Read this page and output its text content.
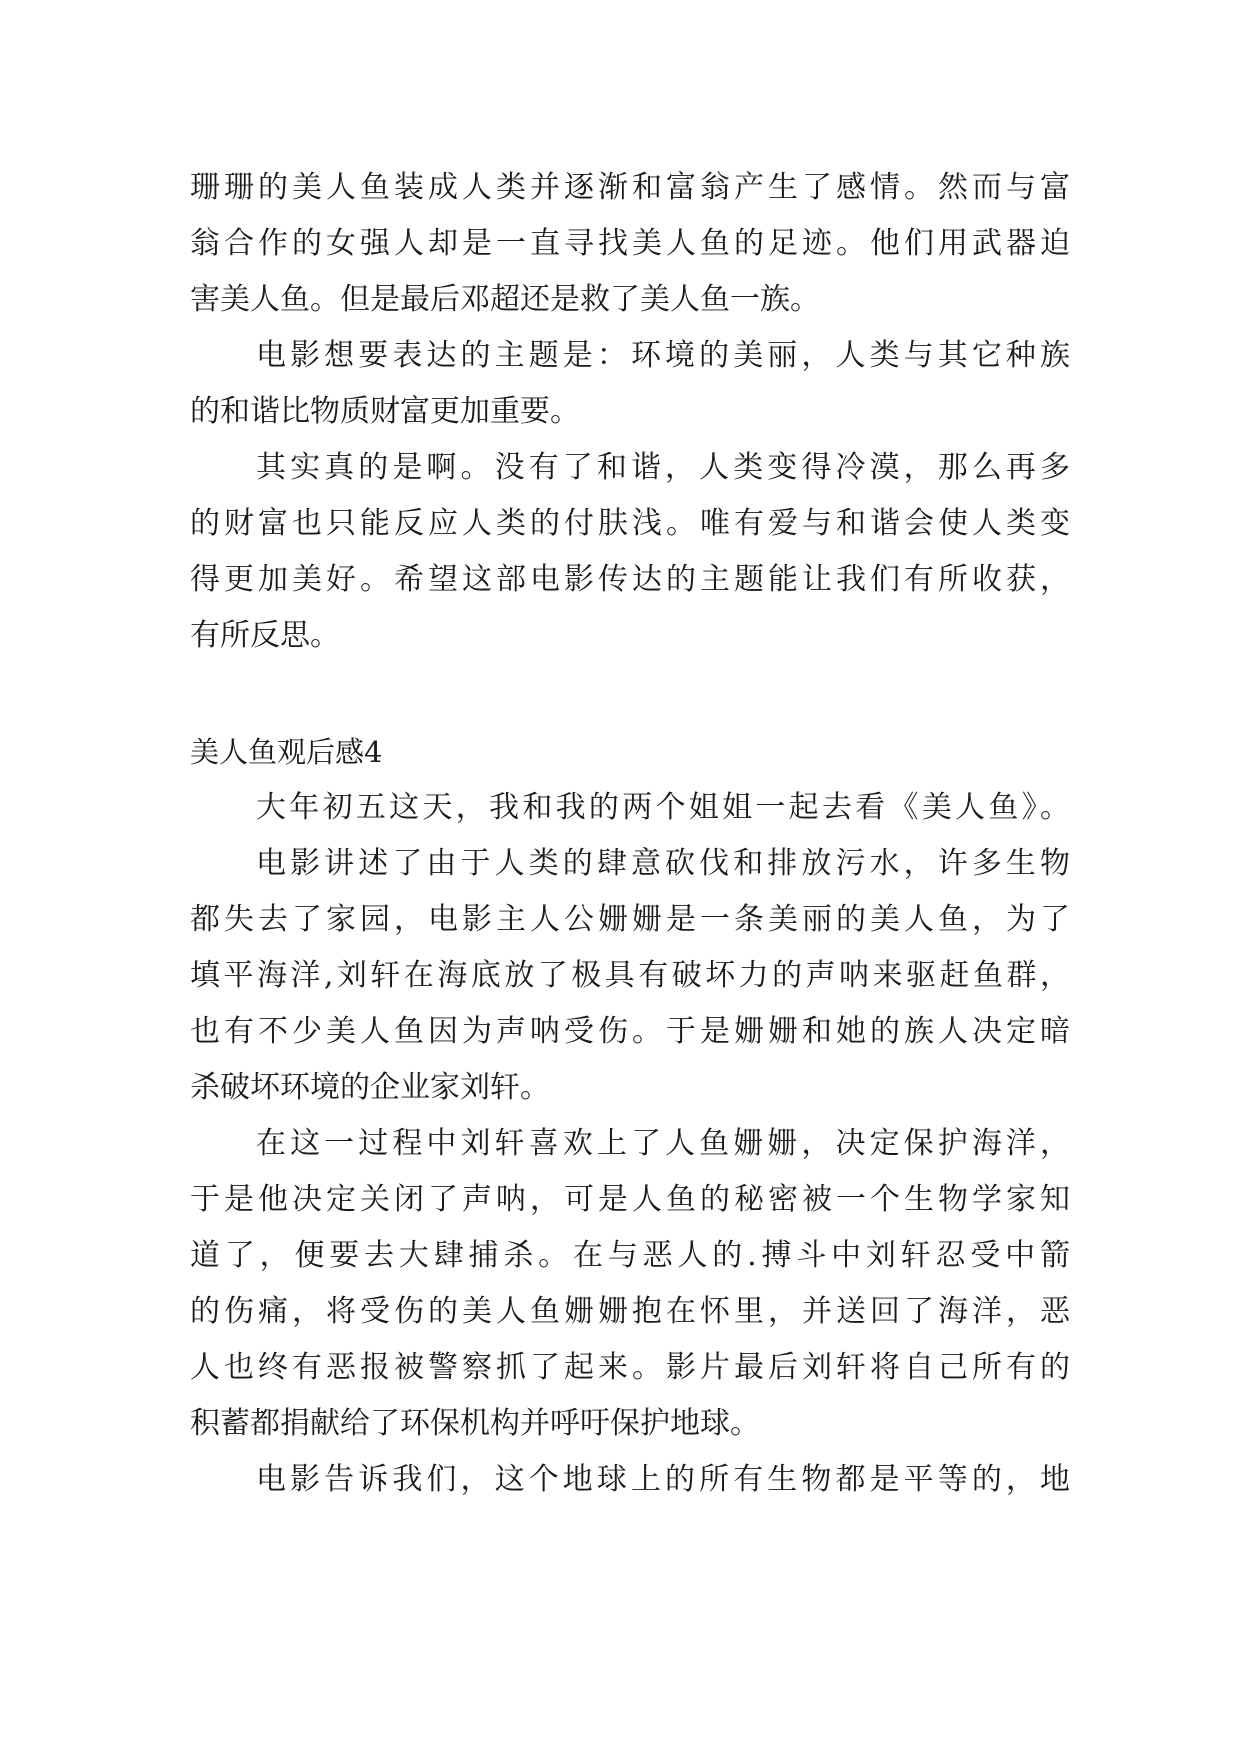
珊珊的美人鱼装成人类并逐渐和富翁产生了感情。然而与富
翁合作的女强人却是一直寻找美人鱼的足迹。他们用武器迫
害美人鱼。但是最后邓超还是救了美人鱼一族。
电影想要表达的主题是：环境的美丽，人类与其它种族
的和谐比物质财富更加重要。
其实真的是啊。没有了和谐，人类变得冷漠，那么再多
的财富也只能反应人类的付肤浅。唯有爱与和谐会使人类变
得更加美好。希望这部电影传达的主题能让我们有所收获，
有所反思。
美人鱼观后感4
大年初五这天，我和我的两个姐姐一起去看《美人鱼》。
电影讲述了由于人类的肆意砍伐和排放污水，许多生物
都失去了家园，电影主人公姗姗是一条美丽的美人鱼，为了
填平海洋,刘轩在海底放了极具有破坏力的声呐来驱赶鱼群，
也有不少美人鱼因为声呐受伤。于是姗姗和她的族人决定暗
杀破坏环境的企业家刘轩。
在这一过程中刘轩喜欢上了人鱼姗姗，决定保护海洋，
于是他决定关闭了声呐，可是人鱼的秘密被一个生物学家知
道了，便要去大肆捕杀。在与恶人的.搏斗中刘轩忍受中箭
的伤痛，将受伤的美人鱼姗姗抱在怀里，并送回了海洋，恶
人也终有恶报被警察抓了起来。影片最后刘轩将自己所有的
积蓄都捐献给了环保机构并呼吁保护地球。
电影告诉我们，这个地球上的所有生物都是平等的，地
